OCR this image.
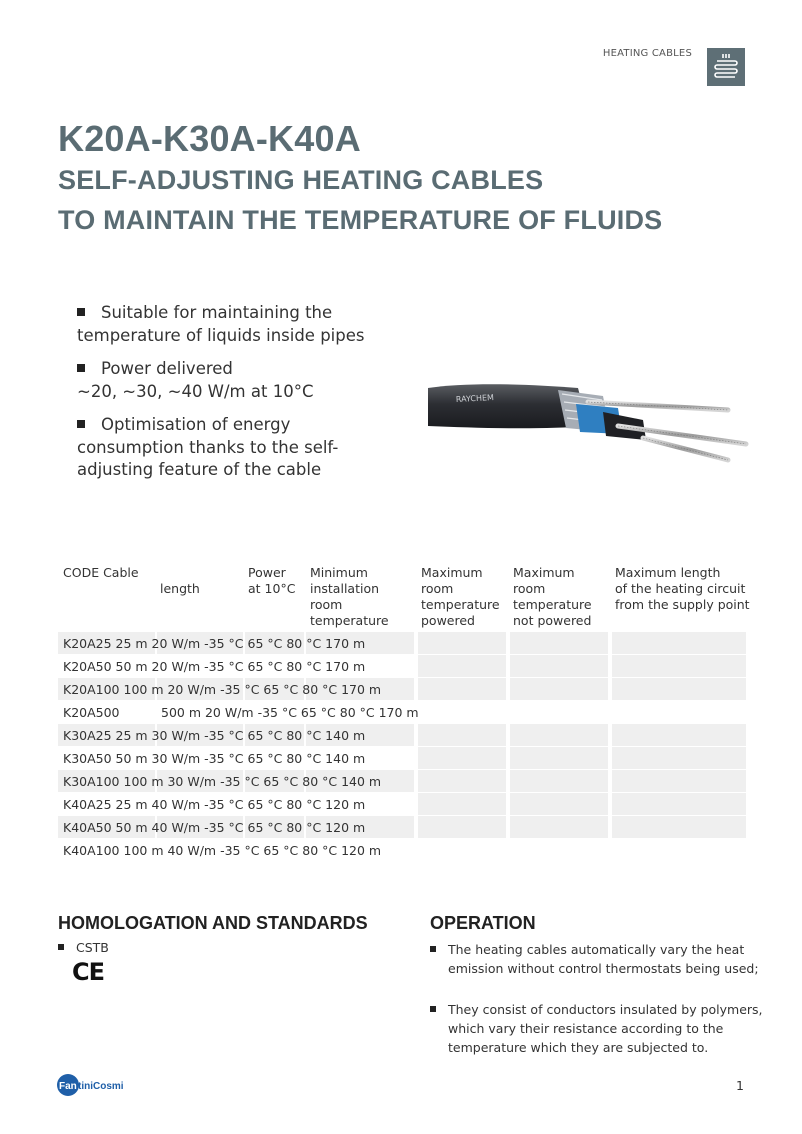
HEATING CABLES
K20A-K30A-K40A
SELF-ADJUSTING HEATING CABLES
TO MAINTAIN THE TEMPERATURE OF FLUIDS
Suitable for maintaining the
temperature of liquids inside pipes
Power delivered
~20, ~30, ~40 W/m at 10°C
Optimisation of energy
consumption thanks to the self-adjusting feature of the cable
RAYCHEM
CODE Cable
length
Power
at 10°C
Minimum
installation
room
temperature
Maximum
room
temperature
powered
Maximum
room
temperature
not powered
Maximum length
of the heating circuit
from the supply point
K20A25 25 m 20 W/m -35 °C 65 °C 80 °C 170 m
K20A50 50 m 20 W/m -35 °C 65 °C 80 °C 170 m
K20A100 100 m 20 W/m -35 °C 65 °C 80 °C 170 m
K20A500	500 m 20 W/m -35 °C 65 °C 80 °C 170 m
K30A25 25 m 30 W/m -35 °C 65 °C 80 °C 140 m
K30A50 50 m 30 W/m -35 °C 65 °C 80 °C 140 m
K30A100 100 m 30 W/m -35 °C 65 °C 80 °C 140 m
K40A25 25 m 40 W/m -35 °C 65 °C 80 °C 120 m
K40A50 50 m 40 W/m -35 °C 65 °C 80 °C 120 m
K40A100 100 m 40 W/m -35 °C 65 °C 80 °C 120 m
HOMOLOGATION AND STANDARDS
CSTB
CE
OPERATION
The heating cables automatically vary the heat emission without control thermostats being used;
They consist of conductors insulated by polymers, which vary their resistance according to the temperature which they are subjected to.
Fan tiniCosmi	1
